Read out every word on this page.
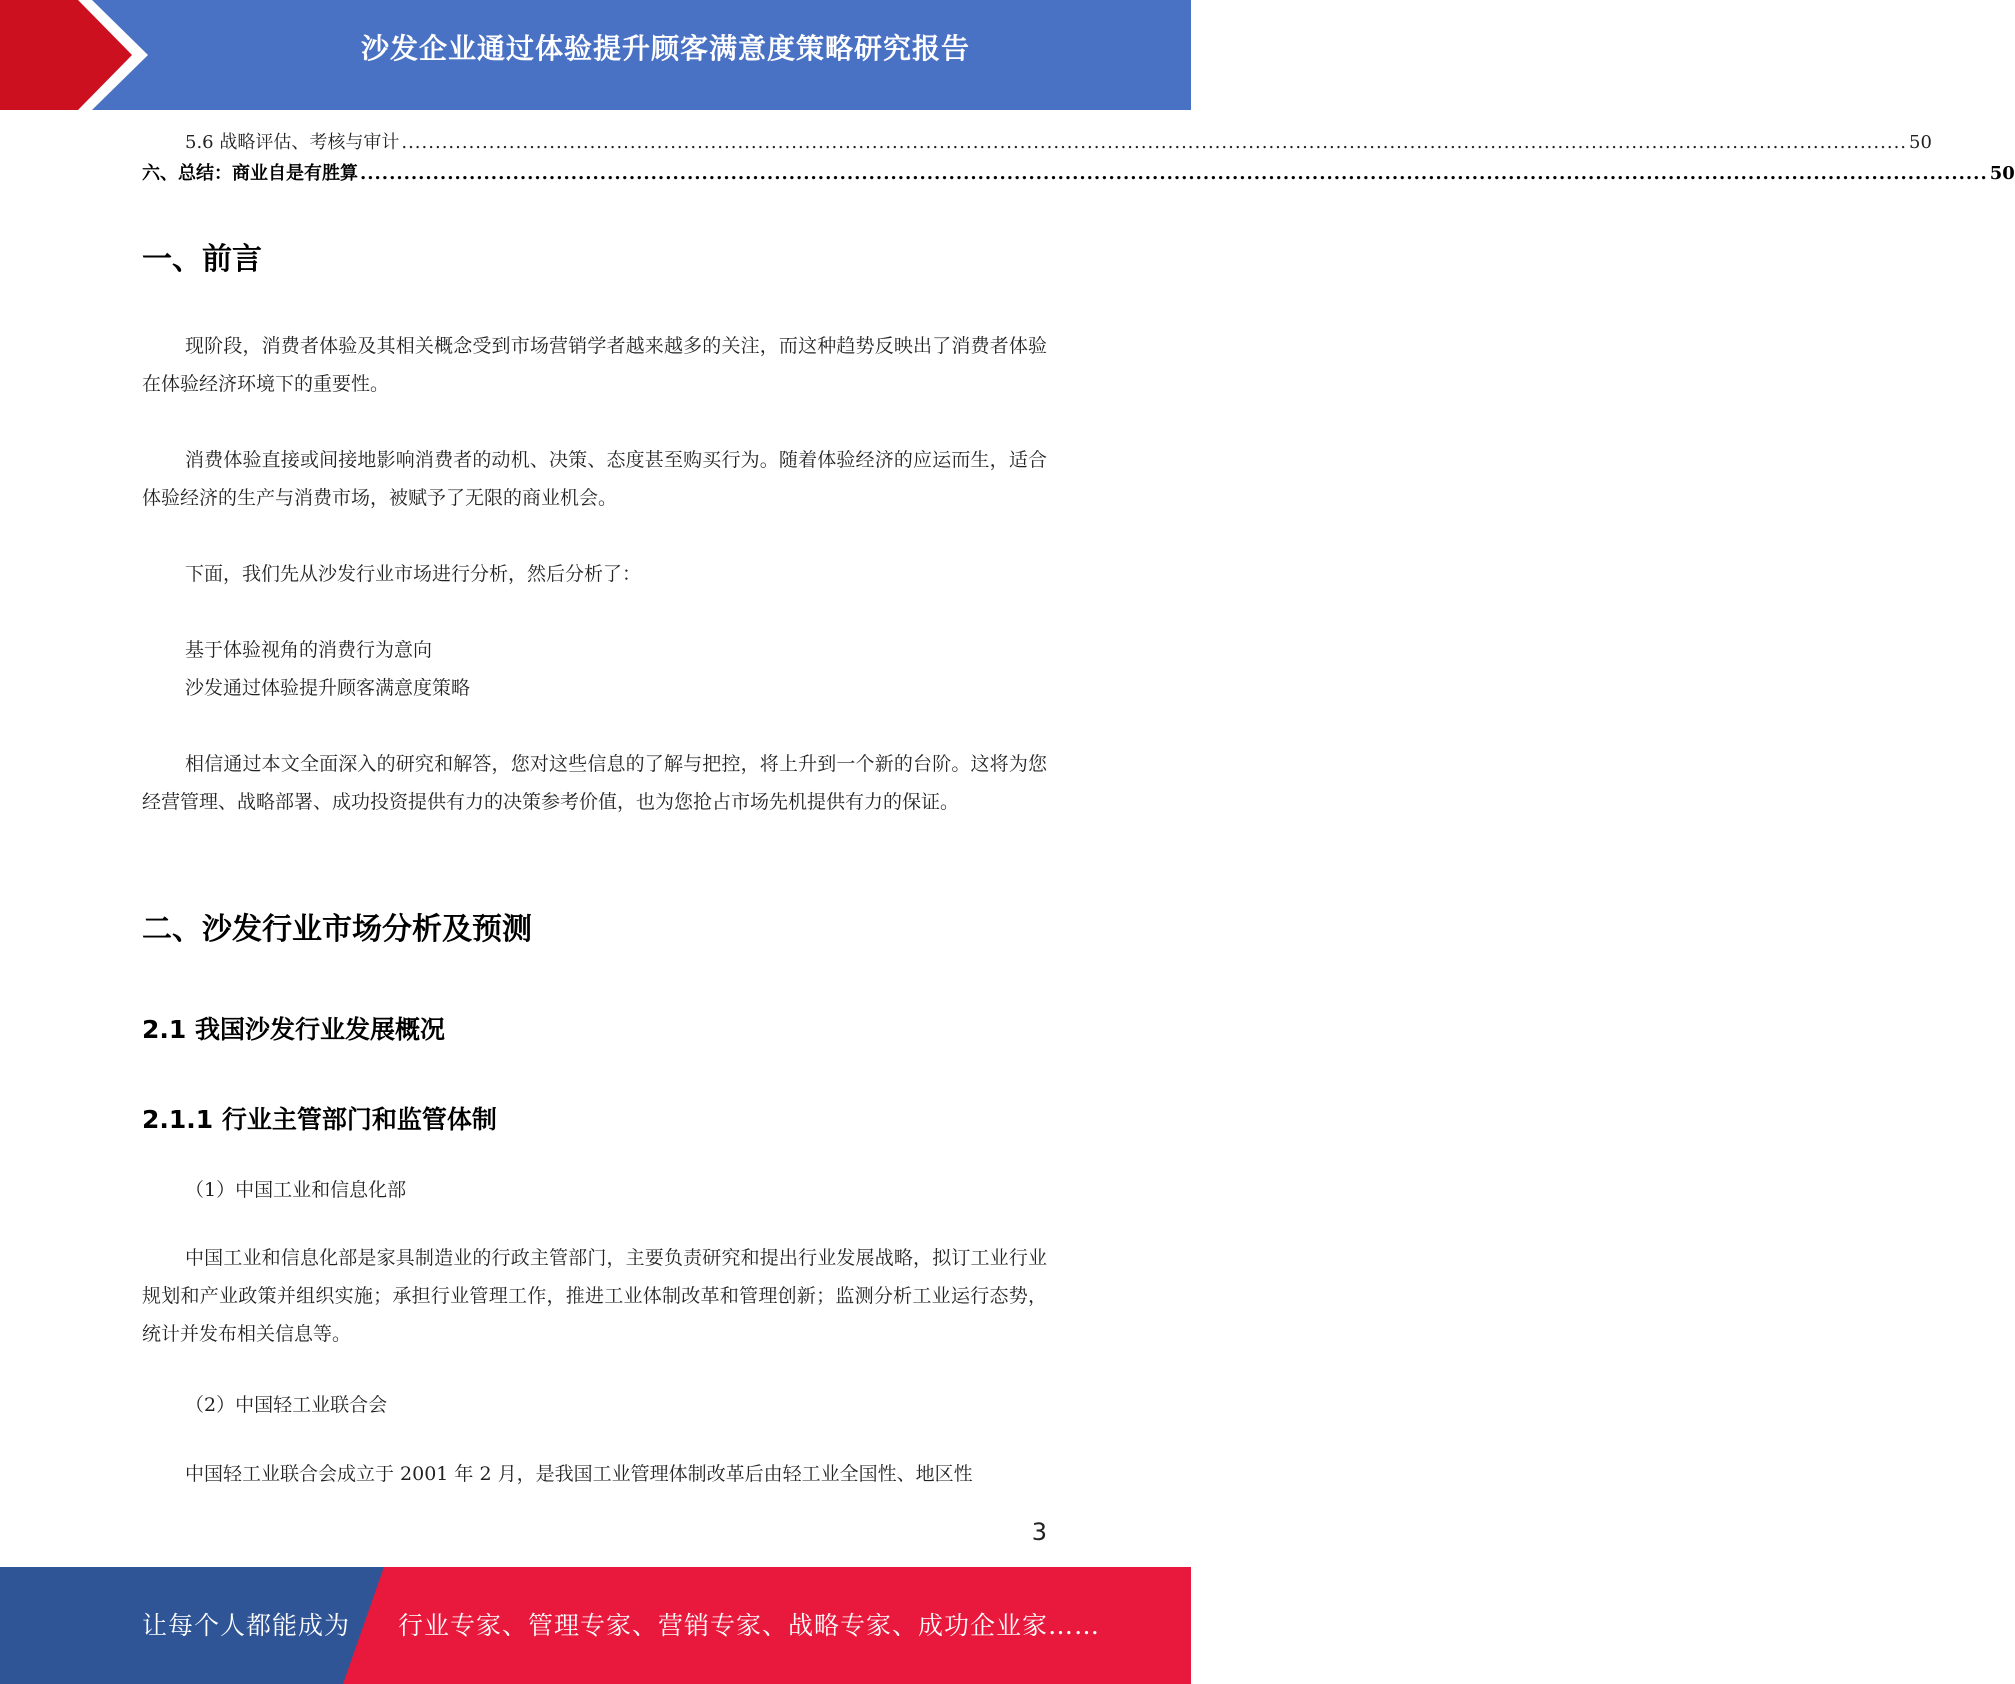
沙发企业通过体验提升顾客满意度策略研究报告
5.6 战略评估、考核与审计 ................................................................................................................................................................................................................................ 50
六、总结：商业自是有胜算 ................................................................................................................................................................................................................................ 50
一、前言

现阶段，消费者体验及其相关概念受到市场营销学者越来越多的关注，而这种趋势反映出了消费者体验在体验经济环境下的重要性。

消费体验直接或间接地影响消费者的动机、决策、态度甚至购买行为。随着体验经济的应运而生，适合体验经济的生产与消费市场，被赋予了无限的商业机会。

下面，我们先从沙发行业市场进行分析，然后分析了：

基于体验视角的消费行为意向

沙发通过体验提升顾客满意度策略

相信通过本文全面深入的研究和解答，您对这些信息的了解与把控，将上升到一个新的台阶。这将为您经营管理、战略部署、成功投资提供有力的决策参考价值，也为您抢占市场先机提供有力的保证。

二、沙发行业市场分析及预测
2.1 我国沙发行业发展概况
2.1.1 行业主管部门和监管体制

（1）中国工业和信息化部

中国工业和信息化部是家具制造业的行政主管部门，主要负责研究和提出行业发展战略，拟订工业行业规划和产业政策并组织实施；承担行业管理工作，推进工业体制改革和管理创新；监测分析工业运行态势，统计并发布相关信息等。

（2）中国轻工业联合会

中国轻工业联合会成立于 2001 年 2 月，是我国工业管理体制改革后由轻工业全国性、地区性

3
让每个人都能成为 行业专家、管理专家、营销专家、战略专家、成功企业家……
